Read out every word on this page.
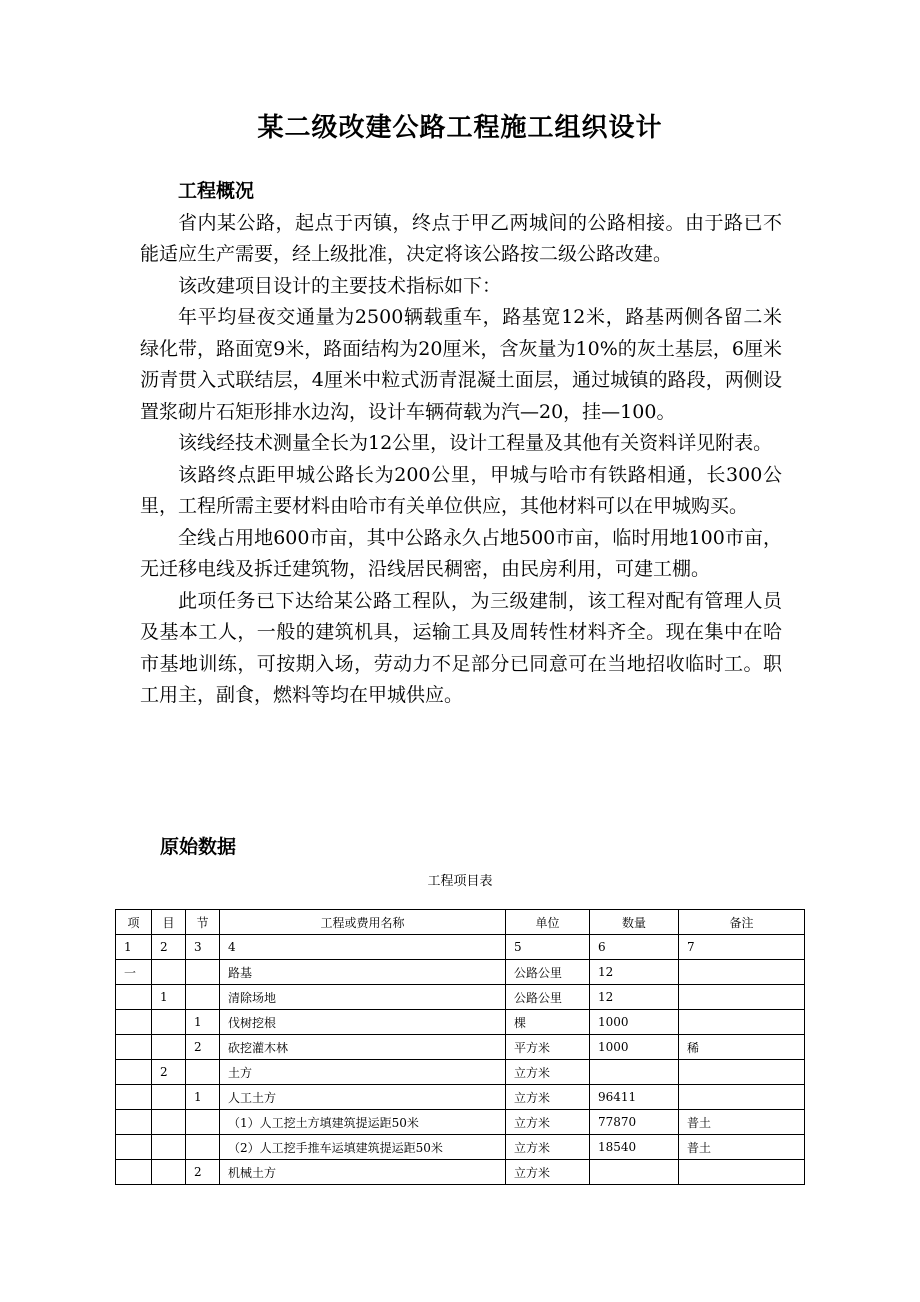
某二级改建公路工程施工组织设计
工程概况

省内某公路，起点于丙镇，终点于甲乙两城间的公路相接。由于路已不能适应生产需要，经上级批准，决定将该公路按二级公路改建。

该改建项目设计的主要技术指标如下：

年平均昼夜交通量为2500辆载重车，路基宽12米，路基两侧各留二米绿化带，路面宽9米，路面结构为20厘米，含灰量为10%的灰土基层，6厘米沥青贯入式联结层，4厘米中粒式沥青混凝土面层，通过城镇的路段，两侧设置浆砌片石矩形排水边沟，设计车辆荷载为汽—20，挂—100。

该线经技术测量全长为12公里，设计工程量及其他有关资料详见附表。

该路终点距甲城公路长为200公里，甲城与哈市有铁路相通，长300公里，工程所需主要材料由哈市有关单位供应，其他材料可以在甲城购买。

全线占用地600市亩，其中公路永久占地500市亩，临时用地100市亩，无迁移电线及拆迁建筑物，沿线居民稠密，由民房利用，可建工棚。

此项任务已下达给某公路工程队，为三级建制，该工程对配有管理人员及基本工人，一般的建筑机具，运输工具及周转性材料齐全。现在集中在哈市基地训练，可按期入场，劳动力不足部分已同意可在当地招收临时工。职工用主，副食，燃料等均在甲城供应。

原始数据
工程项目表
项	目	节	工程或费用名称	单位	数量	备注
1	2	3	4	5	6	7
一			路基	公路公里	12	
	1		清除场地	公路公里	12	
		1	伐树挖根	棵	1000	
		2	砍挖灌木林	平方米	1000	稀
	2		土方	立方米		
		1	人工土方	立方米	96411	
			（1）人工挖土方填建筑提运距50米	立方米	77870	普土
			（2）人工挖手推车运填建筑提运距50米	立方米	18540	普土
		2	机械土方	立方米		
